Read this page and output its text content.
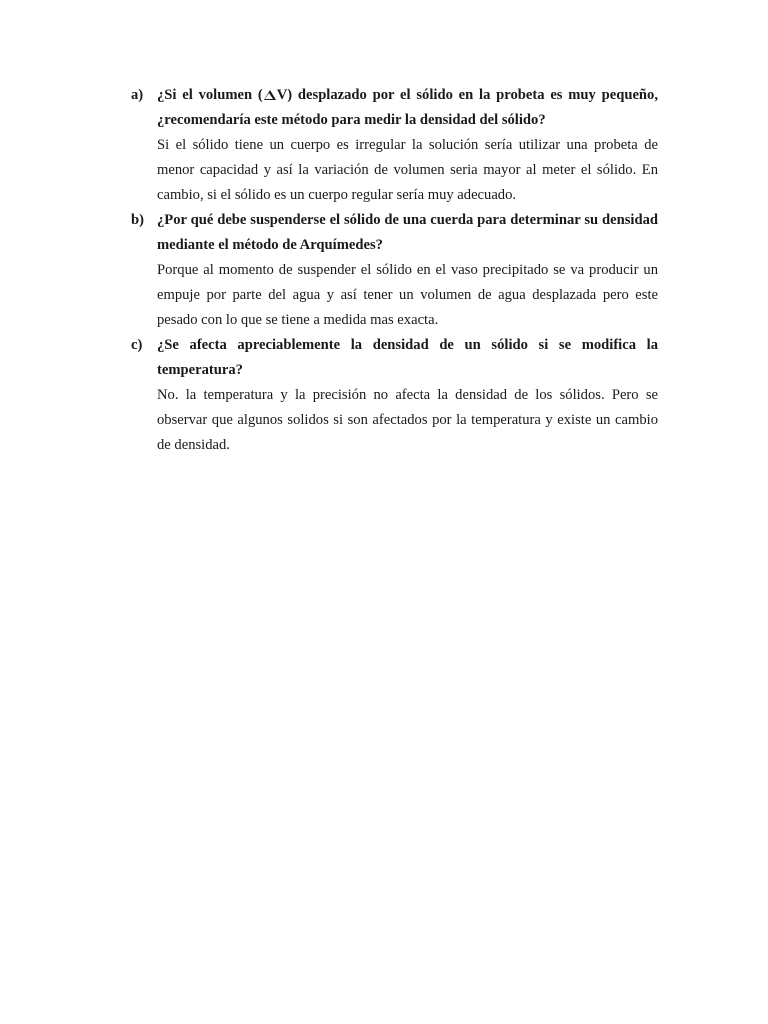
a) ¿Si el volumen ( V) desplazado por el sólido en la probeta es muy pequeño, ¿recomendaría este método para medir la densidad del sólido?

Si el sólido tiene un cuerpo es irregular la solución sería utilizar una probeta de menor capacidad y así la variación de volumen seria mayor al meter el sólido. En cambio, si el sólido es un cuerpo regular sería muy adecuado.

b) ¿Por qué debe suspenderse el sólido de una cuerda para determinar su densidad mediante el método de Arquímedes?

Porque al momento de suspender el sólido en el vaso precipitado se va producir un empuje por parte del agua y así tener un volumen de agua desplazada pero este pesado con lo que se tiene a medida mas exacta.

c) ¿Se afecta apreciablemente la densidad de un sólido si se modifica la temperatura?

No. la temperatura y la precisión no afecta la densidad de los sólidos. Pero se observar que algunos solidos si son afectados por la temperatura y existe un cambio de densidad.
